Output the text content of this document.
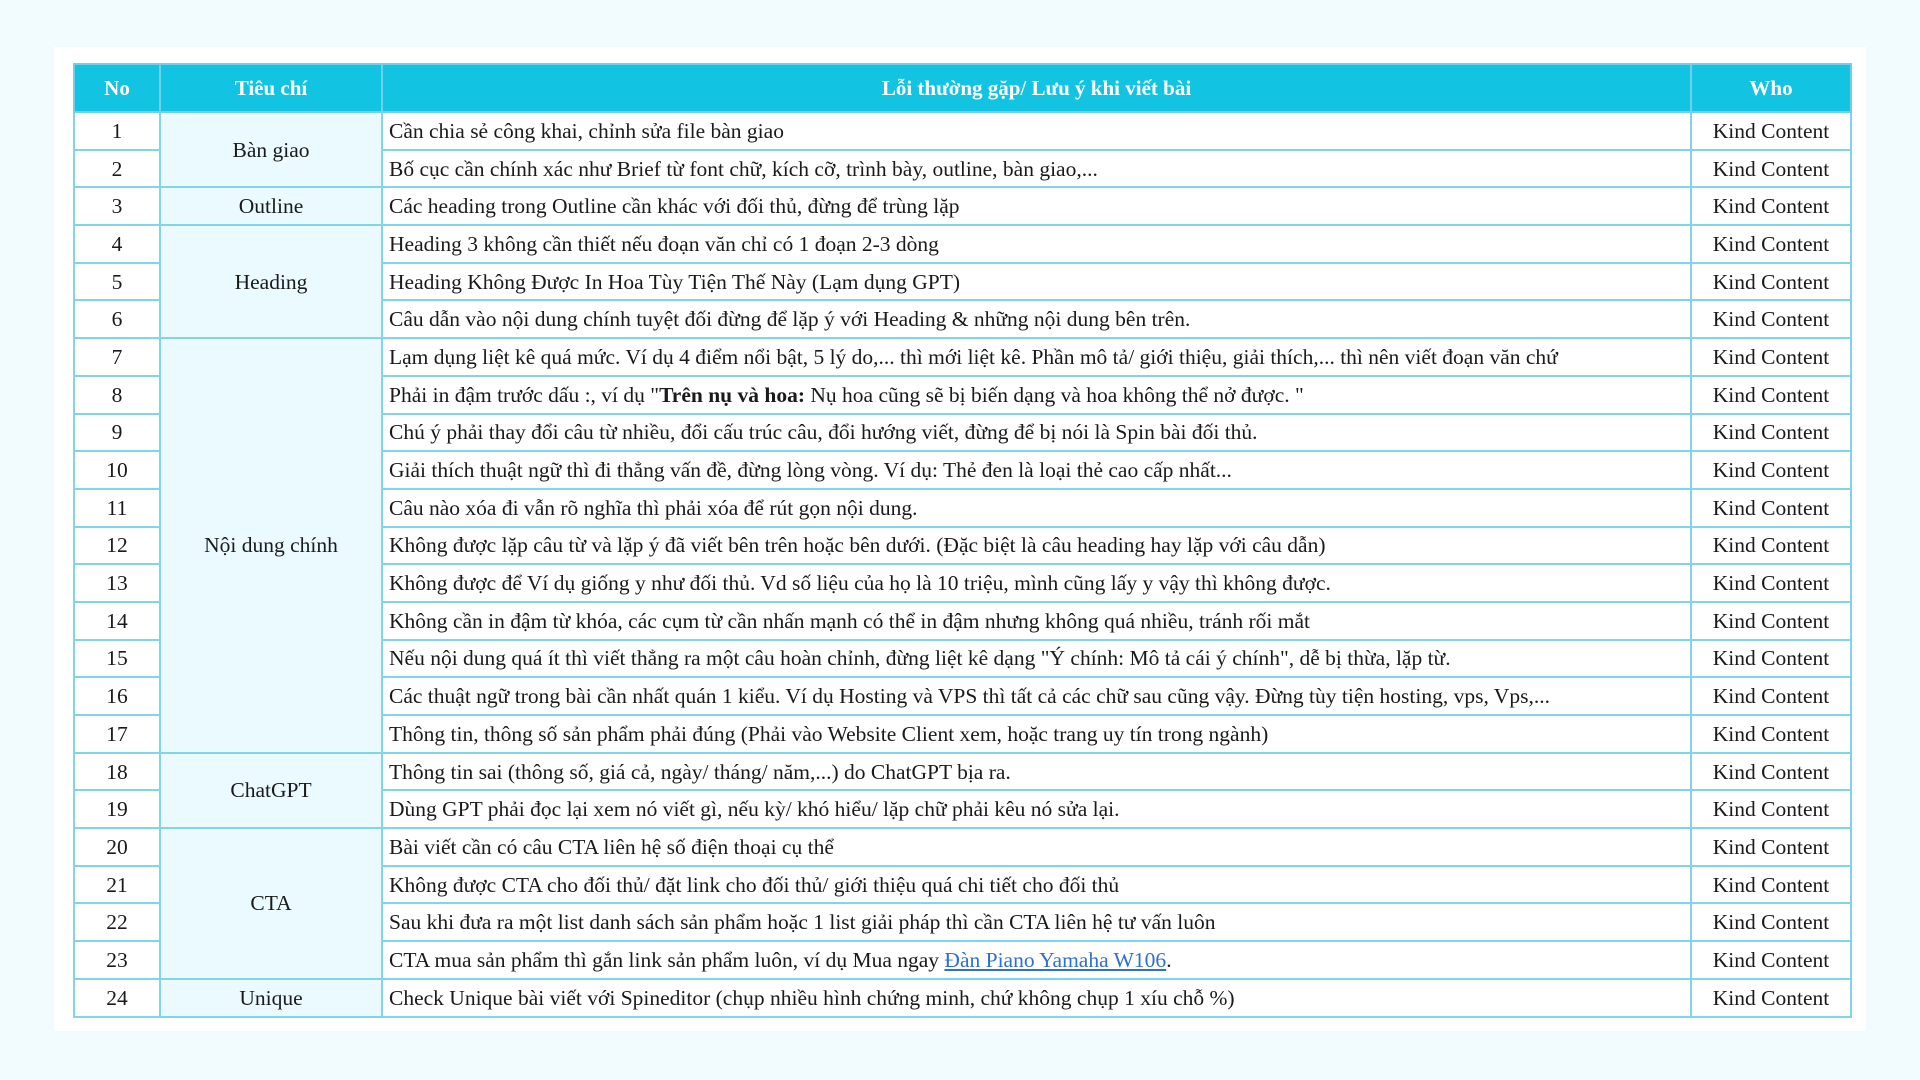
No	Tiêu chí	Lỗi thường gặp/ Lưu ý khi viết bài	Who
1	Bàn giao	Cần chia sẻ công khai, chỉnh sửa file bàn giao	Kind Content
2		Bố cục cần chính xác như Brief từ font chữ, kích cỡ, trình bày, outline, bàn giao,...	Kind Content
3	Outline	Các heading trong Outline cần khác với đối thủ, đừng để trùng lặp	Kind Content
4	Heading	Heading 3 không cần thiết nếu đoạn văn chỉ có 1 đoạn 2-3 dòng	Kind Content
5		Heading Không Được In Hoa Tùy Tiện Thế Này (Lạm dụng GPT)	Kind Content
6		Câu dẫn vào nội dung chính tuyệt đối đừng để lặp ý với Heading & những nội dung bên trên.	Kind Content
7	Nội dung chính	Lạm dụng liệt kê quá mức. Ví dụ 4 điểm nổi bật, 5 lý do,... thì mới liệt kê. Phần mô tả/ giới thiệu, giải thích,... thì nên viết đoạn văn chứ	Kind Content
8		Phải in đậm trước dấu :, ví dụ "Trên nụ và hoa: Nụ hoa cũng sẽ bị biến dạng và hoa không thể nở được. "	Kind Content
9		Chú ý phải thay đổi câu từ nhiều, đổi cấu trúc câu, đổi hướng viết, đừng để bị nói là Spin bài đối thủ.	Kind Content
10		Giải thích thuật ngữ thì đi thẳng vấn đề, đừng lòng vòng. Ví dụ: Thẻ đen là loại thẻ cao cấp nhất...	Kind Content
11		Câu nào xóa đi vẫn rõ nghĩa thì phải xóa để rút gọn nội dung.	Kind Content
12		Không được lặp câu từ và lặp ý đã viết bên trên hoặc bên dưới. (Đặc biệt là câu heading hay lặp với câu dẫn)	Kind Content
13		Không được để Ví dụ giống y như đối thủ. Vd số liệu của họ là 10 triệu, mình cũng lấy y vậy thì không được.	Kind Content
14		Không cần in đậm từ khóa, các cụm từ cần nhấn mạnh có thể in đậm nhưng không quá nhiều, tránh rối mắt	Kind Content
15		Nếu nội dung quá ít thì viết thẳng ra một câu hoàn chỉnh, đừng liệt kê dạng "Ý chính: Mô tả cái ý chính", dễ bị thừa, lặp từ.	Kind Content
16		Các thuật ngữ trong bài cần nhất quán 1 kiểu. Ví dụ Hosting và VPS thì tất cả các chữ sau cũng vậy. Đừng tùy tiện hosting, vps, Vps,...	Kind Content
17		Thông tin, thông số sản phẩm phải đúng (Phải vào Website Client xem, hoặc trang uy tín trong ngành)	Kind Content
18	ChatGPT	Thông tin sai (thông số, giá cả, ngày/ tháng/ năm,...) do ChatGPT bịa ra.	Kind Content
19		Dùng GPT phải đọc lại xem nó viết gì, nếu kỳ/ khó hiểu/ lặp chữ phải kêu nó sửa lại.	Kind Content
20	CTA	Bài viết cần có câu CTA liên hệ số điện thoại cụ thể	Kind Content
21		Không được CTA cho đối thủ/ đặt link cho đối thủ/ giới thiệu quá chi tiết cho đối thủ	Kind Content
22		Sau khi đưa ra một list danh sách sản phẩm hoặc 1 list giải pháp thì cần CTA liên hệ tư vấn luôn	Kind Content
23		CTA mua sản phẩm thì gắn link sản phẩm luôn, ví dụ Mua ngay Đàn Piano Yamaha W106.	Kind Content
24	Unique	Check Unique bài viết với Spineditor (chụp nhiều hình chứng minh, chứ không chụp 1 xíu chỗ %)	Kind Content
